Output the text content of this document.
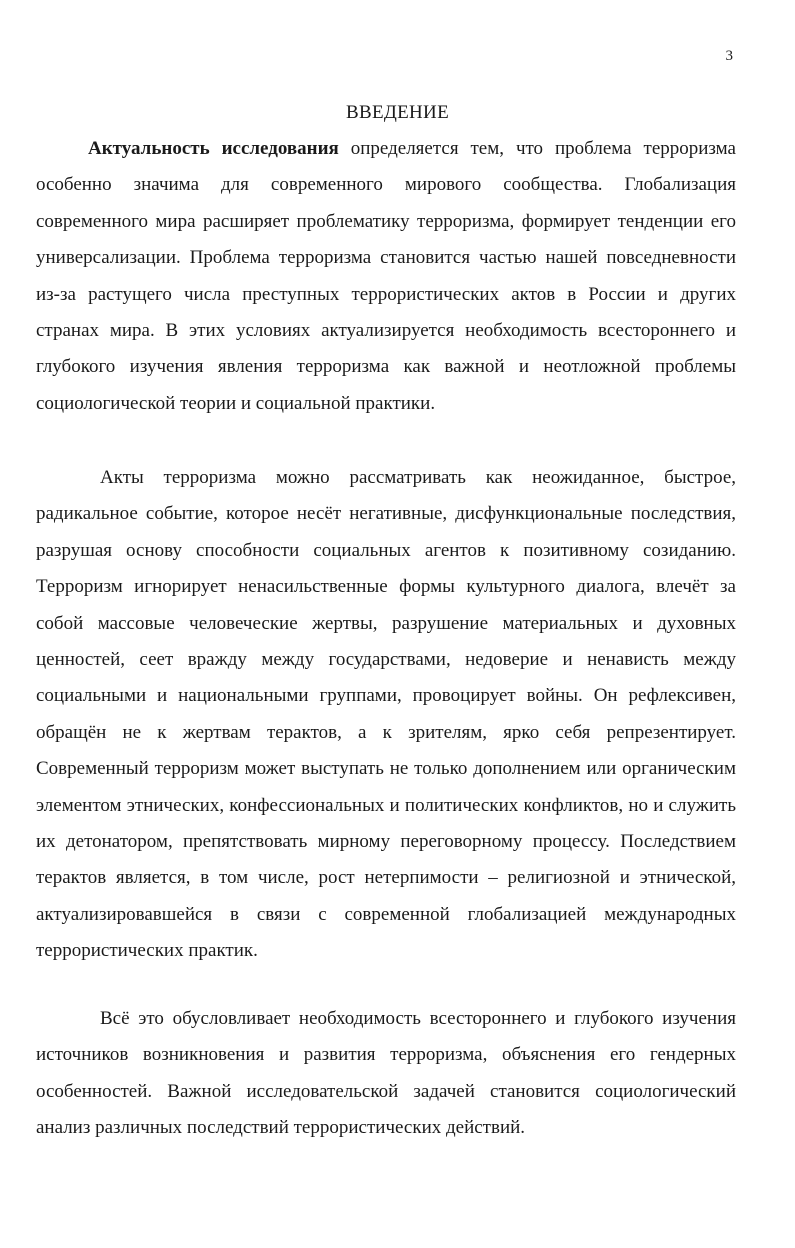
3
ВВЕДЕНИЕ

Актуальность исследования определяется тем, что проблема терроризма особенно значима для современного мирового сообщества. Глобализация современного мира расширяет проблематику терроризма, формирует тенденции его универсализации. Проблема терроризма становится частью нашей повседневности из-за растущего числа преступных террористических актов в России и других странах мира. В этих условиях актуализируется необходимость всестороннего и глубокого изучения явления терроризма как важной и неотложной проблемы социологической теории и социальной практики.

Акты терроризма можно рассматривать как неожиданное, быстрое, радикальное событие, которое несёт негативные, дисфункциональные последствия, разрушая основу способности социальных агентов к позитивному созиданию. Терроризм игнорирует ненасильственные формы культурного диалога, влечёт за собой массовые человеческие жертвы, разрушение материальных и духовных ценностей, сеет вражду между государствами, недоверие и ненависть между социальными и национальными группами, провоцирует войны. Он рефлексивен, обращён не к жертвам терактов, а к зрителям, ярко себя репрезентирует. Современный терроризм может выступать не только дополнением или органическим элементом этнических, конфессиональных и политических конфликтов, но и служить их детонатором, препятствовать мирному переговорному процессу. Последствием терактов является, в том числе, рост нетерпимости – религиозной и этнической, актуализировавшейся в связи с современной глобализацией международных террористических практик.

Всё это обусловливает необходимость всестороннего и глубокого изучения источников возникновения и развития терроризма, объяснения его гендерных особенностей. Важной исследовательской задачей становится социологический анализ различных последствий террористических действий.
